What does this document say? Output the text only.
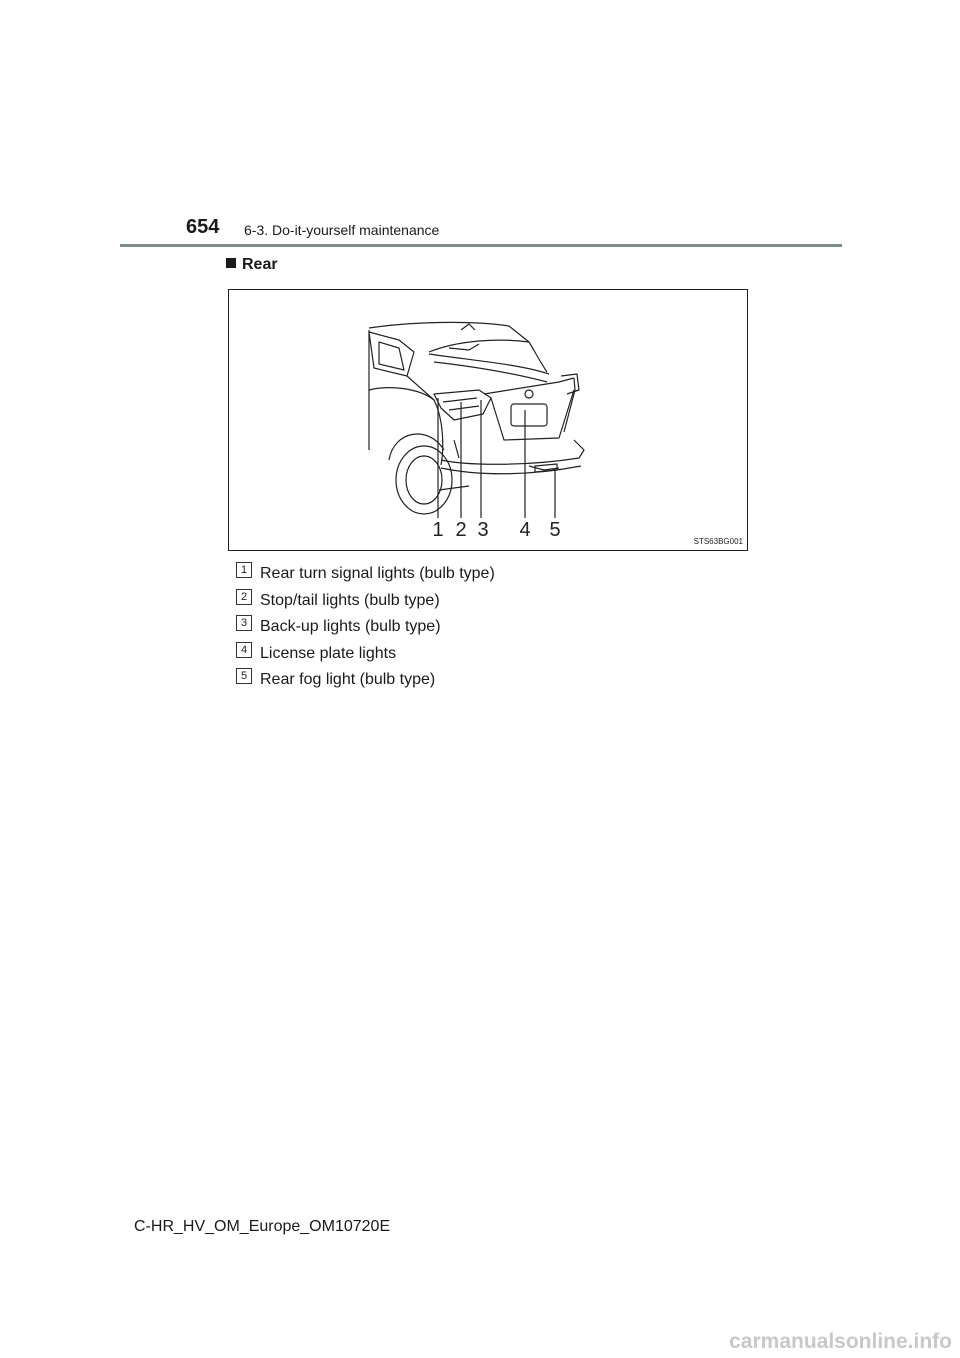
654 6-3. Do-it-yourself maintenance
Rear
1 2 3 4 5
STS63BG001
1 Rear turn signal lights (bulb type)
2 Stop/tail lights (bulb type)
3 Back-up lights (bulb type)
4 License plate lights
5 Rear fog light (bulb type)
C-HR_HV_OM_Europe_OM10720E
carmanualsonline.info
